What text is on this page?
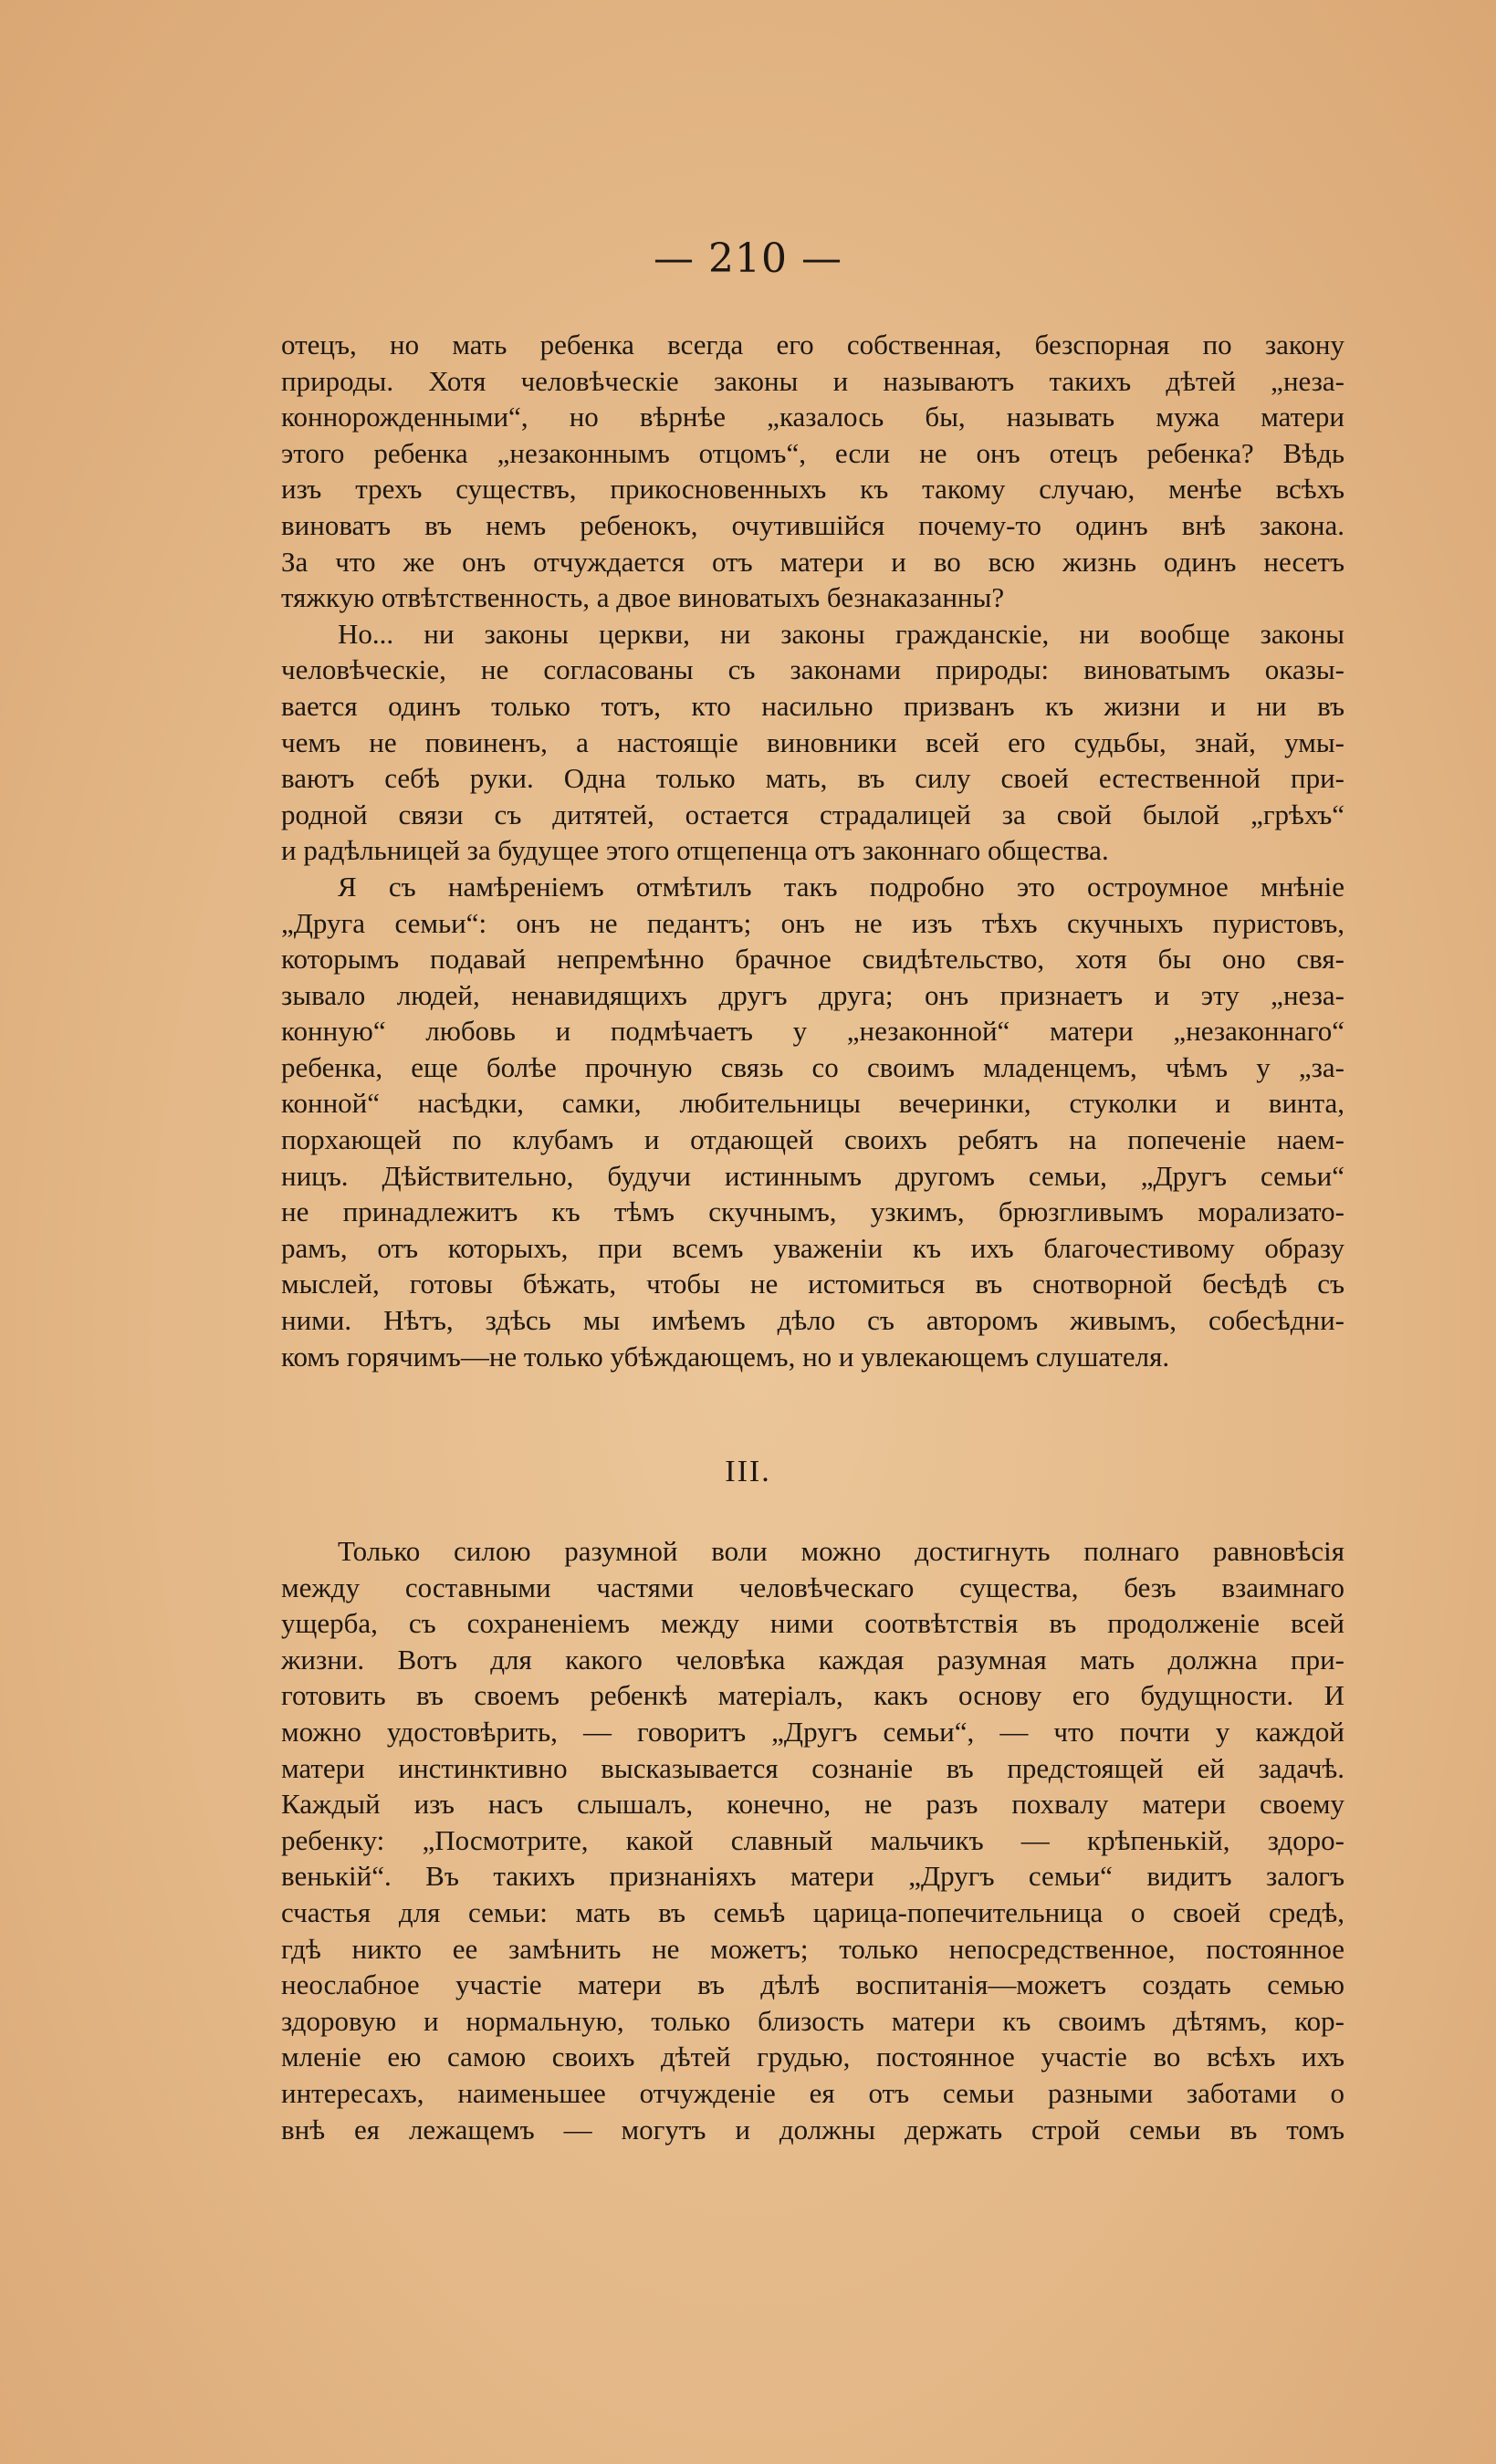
— 210 —

отецъ, но мать ребенка всегда его собственная, безспорная по закону

природы. Хотя человѣческіе законы и называютъ такихъ дѣтей „неза-

коннорожденными“, но вѣрнѣе „казалось бы, называть мужа матери

этого ребенка „незаконнымъ отцомъ“, если не онъ отецъ ребенка? Вѣдь

изъ трехъ существъ, прикосновенныхъ къ такому случаю, менѣе всѣхъ

виноватъ въ немъ ребенокъ, очутившійся почему-то одинъ внѣ закона.

За что же онъ отчуждается отъ матери и во всю жизнь одинъ несетъ

тяжкую отвѣтственность, а двое виноватыхъ безнаказанны?

Но... ни законы церкви, ни законы гражданскіе, ни вообще законы

человѣческіе, не согласованы съ законами природы: виноватымъ оказы-

вается одинъ только тотъ, кто насильно призванъ къ жизни и ни въ

чемъ не повиненъ, а настоящіе виновники всей его судьбы, знай, умы-

ваютъ себѣ руки. Одна только мать, въ силу своей естественной при-

родной связи съ дитятей, остается страдалицей за свой былой „грѣхъ“

и радѣльницей за будущее этого отщепенца отъ законнаго общества.

Я съ намѣреніемъ отмѣтилъ такъ подробно это остроумное мнѣніе

„Друга семьи“: онъ не педантъ; онъ не изъ тѣхъ скучныхъ пуристовъ,

которымъ подавай непремѣнно брачное свидѣтельство, хотя бы оно свя-

зывало людей, ненавидящихъ другъ друга; онъ признаетъ и эту „неза-

конную“ любовь и подмѣчаетъ у „незаконной“ матери „незаконнаго“

ребенка, еще болѣе прочную связь со своимъ младенцемъ, чѣмъ у „за-

конной“ насѣдки, самки, любительницы вечеринки, стуколки и винта,

порхающей по клубамъ и отдающей своихъ ребятъ на попеченіе наем-

ницъ. Дѣйствительно, будучи истиннымъ другомъ семьи, „Другъ семьи“

не принадлежитъ къ тѣмъ скучнымъ, узкимъ, брюзгливымъ морализато-

рамъ, отъ которыхъ, при всемъ уваженіи къ ихъ благочестивому образу

мыслей, готовы бѣжать, чтобы не истомиться въ снотворной бесѣдѣ съ

ними. Нѣтъ, здѣсь мы имѣемъ дѣло съ авторомъ живымъ, собесѣдни-

комъ горячимъ—не только убѣждающемъ, но и увлекающемъ слушателя.

III.

Только силою разумной воли можно достигнуть полнаго равновѣсія

между составными частями человѣческаго существа, безъ взаимнаго

ущерба, съ сохраненіемъ между ними соотвѣтствія въ продолженіе всей

жизни. Вотъ для какого человѣка каждая разумная мать должна при-

готовить въ своемъ ребенкѣ матеріалъ, какъ основу его будущности. И

можно удостовѣрить, — говоритъ „Другъ семьи“, — что почти у каждой

матери инстинктивно высказывается сознаніе въ предстоящей ей задачѣ.

Каждый изъ насъ слышалъ, конечно, не разъ похвалу матери своему

ребенку: „Посмотрите, какой славный мальчикъ — крѣпенькій, здоро-

венькій“. Въ такихъ признаніяхъ матери „Другъ семьи“ видитъ залогъ

счастья для семьи: мать въ семьѣ царица-попечительница о своей средѣ,

гдѣ никто ее замѣнить не можетъ; только непосредственное, постоянное

неослабное участіе матери въ дѣлѣ воспитанія—можетъ создать семью

здоровую и нормальную, только близость матери къ своимъ дѣтямъ, кор-

мленіе ею самою своихъ дѣтей грудью, постоянное участіе во всѣхъ ихъ

интересахъ, наименьшее отчужденіе ея отъ семьи разными заботами о

внѣ ея лежащемъ — могутъ и должны держать строй семьи въ томъ
